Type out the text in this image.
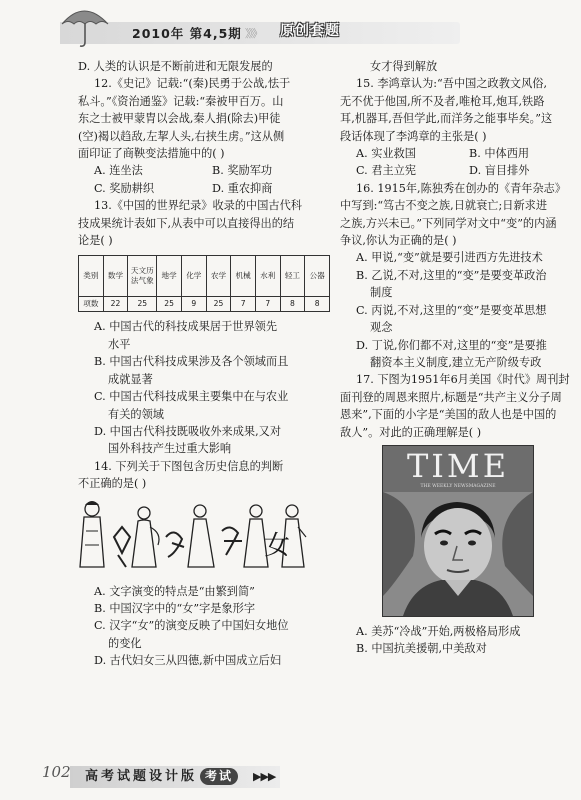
2010年 第4,5期 》》》 原创套题

D. 人类的认识是不断前进和无限发展的

12.《史记》记载:“(秦)民勇于公战,怯于

私斗。”《资治通鉴》记载:“秦被甲百万。山

东之士被甲蒙胄以会战,秦人捐(除去)甲徒

(空)褐以趋敌,左挈人头,右挟生虏。”这从侧

面印证了商鞅变法措施中的( )

A. 连坐法	B. 奖励军功
C. 奖励耕织	D. 重农抑商

13.《中国的世界纪录》收录的中国古代科

技成果统计表如下,从表中可以直接得出的结

论是( )

类别	数学	天文历法气象	地学	化学	农学	机械	水利	轻工	公器
项数	22	25	25	9	25	7	7	8	8

A. 中国古代的科技成果居于世界领先

水平

B. 中国古代科技成果涉及各个领域而且

成就显著

C. 中国古代科技成果主要集中在与农业

有关的领域

D. 中国古代科技既吸收外来成果,又对

国外科技产生过重大影响

14. 下列关于下图包含历史信息的判断

不正确的是( )

女

A. 文字演变的特点是“由繁到简”

B. 中国汉字中的“女”字是象形字

C. 汉字“女”的演变反映了中国妇女地位

的变化

D. 古代妇女三从四德,新中国成立后妇

女才得到解放

15. 李鸿章认为:“吾中国之政教文风俗,

无不优于他国,所不及者,唯枪耳,炮耳,铁路

耳,机器耳,吾但学此,而洋务之能事毕矣。”这

段话体现了李鸿章的主张是( )

A. 实业救国	B. 中体西用
C. 君主立宪	D. 盲目排外

16. 1915年,陈独秀在创办的《青年杂志》

中写到:“笃古不变之族,日就衰亡;日新求进

之族,方兴未已。”下列同学对文中“变”的内涵

争议,你认为正确的是( )

A. 甲说,“变”就是要引进西方先进技术

B. 乙说,不对,这里的“变”是要变革政治

制度

C. 丙说,不对,这里的“变”是要变革思想

观念

D. 丁说,你们都不对,这里的“变”是要推

翻资本主义制度,建立无产阶级专政

17. 下图为1951年6月美国《时代》周刊封

面刊登的周恩来照片,标题是“共产主义分子周

恩来”,下面的小字是“美国的敌人也是中国的

敌人”。对此的正确理解是( )

TIME
THE WEEKLY NEWSMAGAZINE

A. 美苏“冷战”开始,两极格局形成

B. 中国抗美援朝,中美敌对

102 高考试题设计版 考试	▶▶▶
